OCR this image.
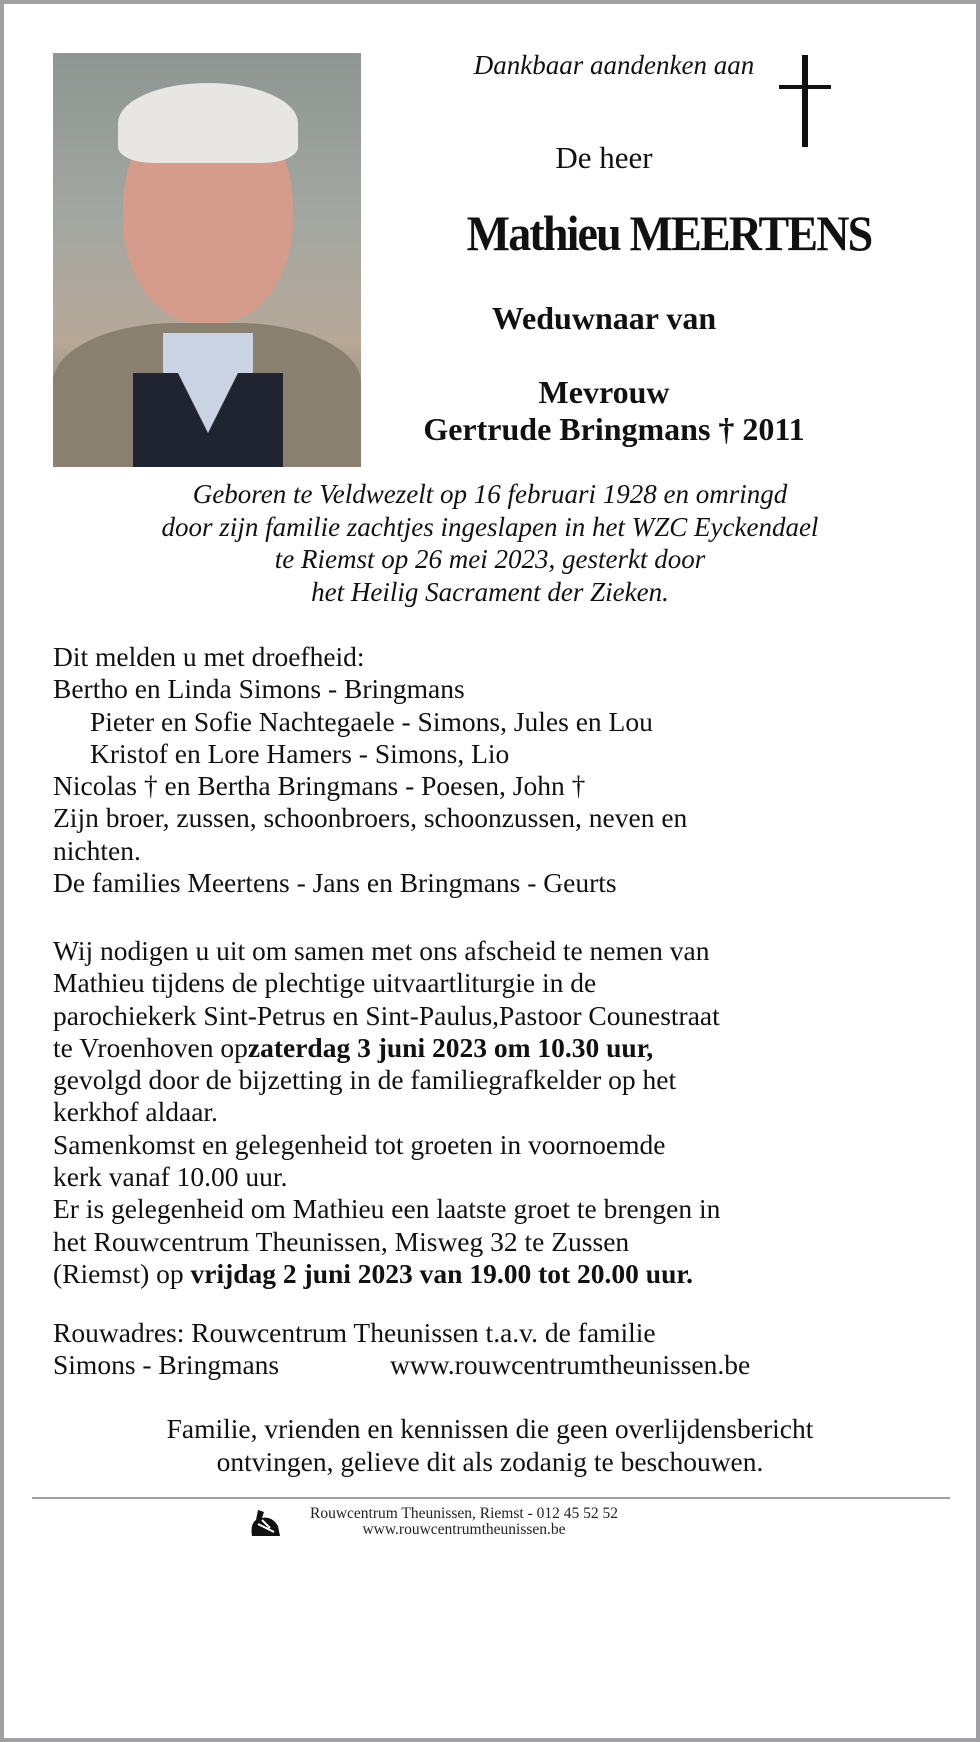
Dankbaar aandenken aan
De heer
Mathieu MEERTENS
Weduwnaar van
Mevrouw
Gertrude Bringmans † 2011
Geboren te Veldwezelt op 16 februari 1928 en omringd
door zijn familie zachtjes ingeslapen in het WZC Eyckendael
te Riemst op 26 mei 2023, gesterkt door
het Heilig Sacrament der Zieken.
Dit melden u met droefheid:
Bertho en Linda Simons - Bringmans
Pieter en Sofie Nachtegaele - Simons, Jules en Lou
Kristof en Lore Hamers - Simons, Lio
Nicolas † en Bertha Bringmans - Poesen, John †
Zijn broer, zussen, schoonbroers, schoonzussen, neven en
nichten.
De families Meertens - Jans en Bringmans - Geurts
Wij nodigen u uit om samen met ons afscheid te nemen van
Mathieu tijdens de plechtige uitvaartliturgie in de
parochiekerk Sint-Petrus en Sint-Paulus,Pastoor Counestraat
te Vroenhoven opzaterdag 3 juni 2023 om 10.30 uur,
gevolgd door de bijzetting in de familiegrafkelder op het
kerkhof aldaar.
Samenkomst en gelegenheid tot groeten in voornoemde
kerk vanaf 10.00 uur.
Er is gelegenheid om Mathieu een laatste groet te brengen in
het Rouwcentrum Theunissen, Misweg 32 te Zussen
(Riemst) op vrijdag 2 juni 2023 van 19.00 tot 20.00 uur.
Rouwadres: Rouwcentrum Theunissen t.a.v. de familie
Simons - Bringmans	www.rouwcentrumtheunissen.be
Familie, vrienden en kennissen die geen overlijdensbericht
ontvingen, gelieve dit als zodanig te beschouwen.
Rouwcentrum Theunissen, Riemst - 012 45 52 52
www.rouwcentrumtheunissen.be
